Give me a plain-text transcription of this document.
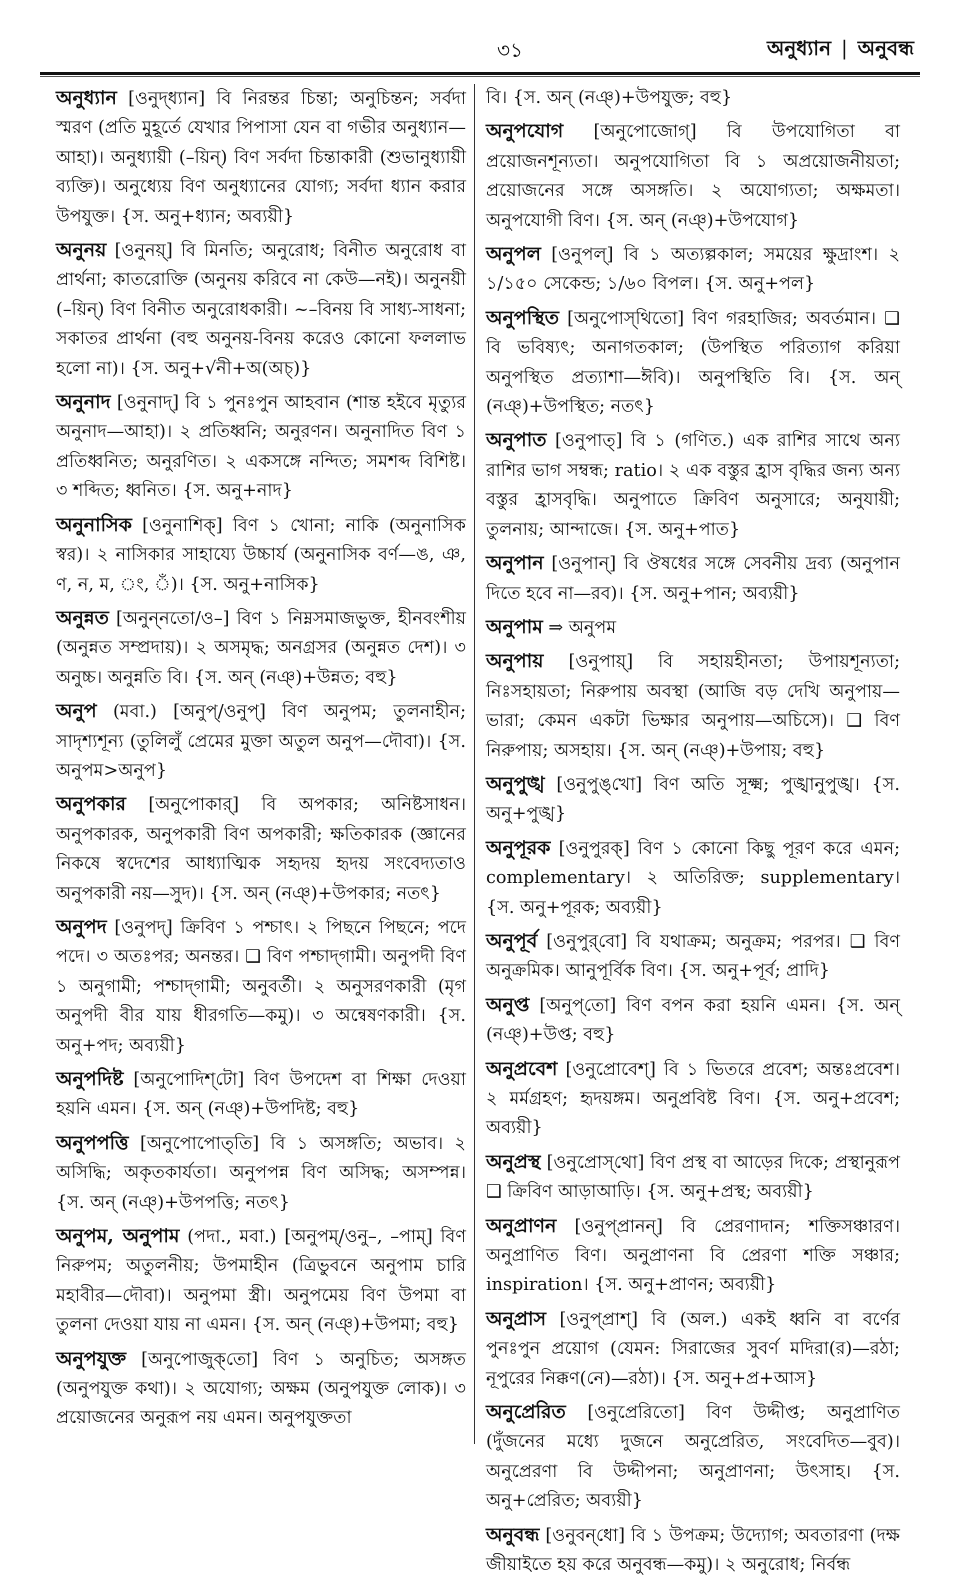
৩১	অনুধ্যান | অনুবন্ধ
অনুধ্যান [ওনুদ্‌ধ্যান] বি নিরন্তর চিন্তা; অনুচিন্তন; সর্বদা স্মরণ (প্রতি মুহূর্তে যেখার পিপাসা যেন বা গভীর অনুধ্যান—আহা)। অনুধ্যায়ী (–য়িন্‌) বিণ সর্বদা চিন্তাকারী (শুভানুধ্যায়ী ব্যক্তি)। অনুধ্যেয় বিণ অনুধ্যানের যোগ্য; সর্বদা ধ্যান করার উপযুক্ত। {স. অনু+ধ্যান; অব্যয়ী}
অনুনয় [ওনুনয়্‌] বি মিনতি; অনুরোধ; বিনীত অনুরোধ বা প্রার্থনা; কাতরোক্তি (অনুনয় করিবে না কেউ—নই)। অনুনয়ী (–য়িন্‌) বিণ বিনীত অনুরোধকারী। ~–বিনয় বি সাধ্য-সাধনা; সকাতর প্রার্থনা (বহু অনুনয়-বিনয় করেও কোনো ফললাভ হলো না)। {স. অনু+√নী+অ(অচ্‌)}
অনুনাদ [ওনুনাদ্‌] বি ১ পুনঃপুন আহবান (শান্ত হইবে মৃত্যুর অনুনাদ—আহা)। ২ প্রতিধ্বনি; অনুরণন। অনুনাদিত বিণ ১ প্রতিধ্বনিত; অনুরণিত। ২ একসঙ্গে নন্দিত; সমশব্দ বিশিষ্ট। ৩ শব্দিত; ধ্বনিত। {স. অনু+নাদ}
অনুনাসিক [ওনুনাশিক্‌] বিণ ১ খোনা; নাকি (অনুনাসিক স্বর)। ২ নাসিকার সাহায্যে উচ্চার্য (অনুনাসিক বর্ণ—ঙ, ঞ, ণ, ন, ম, ং, ঁ)। {স. অনু+নাসিক}
অনুন্নত [অনুন্‌নতো/ও–] বিণ ১ নিম্নসমাজভুক্ত, হীনবংশীয় (অনুন্নত সম্প্রদায়)। ২ অসমৃদ্ধ; অনগ্রসর (অনুন্নত দেশ)। ৩ অনুচ্চ। অনুন্নতি বি। {স. অন্ (নঞ্‌)+উন্নত; বহু}
অনুপ (মবা.) [অনুপ্‌/ওনুপ্‌] বিণ অনুপম; তুলনাহীন; সাদৃশ্যশূন্য (তুলিলুঁ প্রেমের মুক্তা অতুল অনুপ—দৌবা)। {স. অনুপম>অনুপ}
অনুপকার [অনুপোকার্‌] বি অপকার; অনিষ্টসাধন। অনুপকারক, অনুপকারী বিণ অপকারী; ক্ষতিকারক (জ্ঞানের নিকষে স্বদেশের আধ্যাত্মিক সহৃদয় হৃদয় সংবেদ্যতাও অনুপকারী নয়—সুদ)। {স. অন্ (নঞ্‌)+উপকার; নতৎ}
অনুপদ [ওনুপদ্‌] ক্রিবিণ ১ পশ্চাৎ। ২ পিছনে পিছনে; পদে পদে। ৩ অতঃপর; অনন্তর। ❑ বিণ পশ্চাদ্‌গামী। অনুপদী বিণ ১ অনুগামী; পশ্চাদ্‌গামী; অনুবর্তী। ২ অনুসরণকারী (মৃগ অনুপদী বীর যায় ধীরগতি—কমু)। ৩ অন্বেষণকারী। {স. অনু+পদ; অব্যয়ী}
অনুপদিষ্ট [অনুপোদিশ্‌টো] বিণ উপদেশ বা শিক্ষা দেওয়া হয়নি এমন। {স. অন্ (নঞ্‌)+উপদিষ্ট; বহু}
অনুপপত্তি [অনুপোপোত্‌তি] বি ১ অসঙ্গতি; অভাব। ২ অসিদ্ধি; অকৃতকার্যতা। অনুপপন্ন বিণ অসিদ্ধ; অসম্পন্ন। {স. অন্ (নঞ্‌)+উপপত্তি; নতৎ}
অনুপম, অনুপাম (পদা., মবা.) [অনুপম্‌/ওনু–, –পাম্‌] বিণ নিরুপম; অতুলনীয়; উপমাহীন (ত্রিভুবনে অনুপাম চারি মহাবীর—দৌবা)। অনুপমা স্ত্রী। অনুপমেয় বিণ উপমা বা তুলনা দেওয়া যায় না এমন। {স. অন্ (নঞ্‌)+উপমা; বহু}
অনুপযুক্ত [অনুপোজুক্‌তো] বিণ ১ অনুচিত; অসঙ্গত (অনুপযুক্ত কথা)। ২ অযোগ্য; অক্ষম (অনুপযুক্ত লোক)। ৩ প্রয়োজনের অনুরূপ নয় এমন। অনুপযুক্ততা
বি। {স. অন্ (নঞ্‌)+উপযুক্ত; বহু}
অনুপযোগ [অনুপোজোগ্‌] বি উপযোগিতা বা প্রয়োজনশূন্যতা। অনুপযোগিতা বি ১ অপ্রয়োজনীয়তা; প্রয়োজনের সঙ্গে অসঙ্গতি। ২ অযোগ্যতা; অক্ষমতা। অনুপযোগী বিণ। {স. অন্ (নঞ্‌)+উপযোগ}
অনুপল [ওনুপল্‌] বি ১ অত্যল্পকাল; সময়ের ক্ষুদ্রাংশ। ২ ১/১৫০ সেকেন্ড; ১/৬০ বিপল। {স. অনু+পল}
অনুপস্থিত [অনুপোস্‌থিতো] বিণ গরহাজির; অবর্তমান। ❑ বি ভবিষ্যৎ; অনাগতকাল; (উপস্থিত পরিত্যাগ করিয়া অনুপস্থিত প্রত্যাশা—ঈবি)। অনুপস্থিতি বি। {স. অন্ (নঞ্‌)+উপস্থিত; নতৎ}
অনুপাত [ওনুপাত্‌] বি ১ (গণিত.) এক রাশির সাথে অন্য রাশির ভাগ সম্বন্ধ; ratio। ২ এক বস্তুর হ্রাস বৃদ্ধির জন্য অন্য বস্তুর হ্রাসবৃদ্ধি। অনুপাতে ক্রিবিণ অনুসারে; অনুযায়ী; তুলনায়; আন্দাজে। {স. অনু+পাত}
অনুপান [ওনুপান্‌] বি ঔষধের সঙ্গে সেবনীয় দ্রব্য (অনুপান দিতে হবে না—রব)। {স. অনু+পান; অব্যয়ী}
অনুপাম ⇒ অনুপম
অনুপায় [ওনুপায়্‌] বি সহায়হীনতা; উপায়শূন্যতা; নিঃসহায়তা; নিরুপায় অবস্থা (আজি বড় দেখি অনুপায়—ভারা; কেমন একটা ভিক্ষার অনুপায়—অচিসে)। ❑ বিণ নিরুপায়; অসহায়। {স. অন্ (নঞ্‌)+উপায়; বহু}
অনুপুঙ্খ [ওনুপুঙ্‌খো] বিণ অতি সূক্ষ্ম; পুঙ্খানুপুঙ্খ। {স. অনু+পুঙ্খ}
অনুপূরক [ওনুপুরক্‌] বিণ ১ কোনো কিছু পূরণ করে এমন; complementary। ২ অতিরিক্ত; supplementary। {স. অনু+পূরক; অব্যয়ী}
অনুপূর্ব [ওনুপুর্‌বো] বি যথাক্রম; অনুক্রম; পরপর। ❑ বিণ অনুক্রমিক। আনুপূর্বিক বিণ। {স. অনু+পূর্ব; প্রাদি}
অনুপ্ত [অনুপ্‌তো] বিণ বপন করা হয়নি এমন। {স. অন্ (নঞ্‌)+উপ্ত; বহু}
অনুপ্রবেশ [ওনুপ্রোবেশ্‌] বি ১ ভিতরে প্রবেশ; অন্তঃপ্রবেশ। ২ মর্মগ্রহণ; হৃদয়ঙ্গম। অনুপ্রবিষ্ট বিণ। {স. অনু+প্রবেশ; অব্যয়ী}
অনুপ্রস্থ [ওনুপ্রোস্‌থো] বিণ প্রস্থ বা আড়ের দিকে; প্রস্থানুরূপ ❑ ক্রিবিণ আড়াআড়ি। {স. অনু+প্রস্থ; অব্যয়ী}
অনুপ্রাণন [ওনুপ্‌প্রানন্‌] বি প্রেরণাদান; শক্তিসঞ্চারণ। অনুপ্রাণিত বিণ। অনুপ্রাণনা বি প্রেরণা শক্তি সঞ্চার; inspiration। {স. অনু+প্রাণন; অব্যয়ী}
অনুপ্রাস [ওনুপ্‌প্রাশ্‌] বি (অল.) একই ধ্বনি বা বর্ণের পুনঃপুন প্রয়োগ (যেমন: সিরাজের সুবর্ণ মদিরা(র)—রঠা; নূপুরের নিক্কণ(নে)—রঠা)। {স. অনু+প্র+আস}
অনুপ্রেরিত [ওনুপ্রেরিতো] বিণ উদ্দীপ্ত; অনুপ্রাণিত (দুঁজনের মধ্যে দুজনে অনুপ্রেরিত, সংবেদিত—বুব)। অনুপ্রেরণা বি উদ্দীপনা; অনুপ্রাণনা; উৎসাহ। {স. অনু+প্রেরিত; অব্যয়ী}
অনুবন্ধ [ওনুবন্‌ধো] বি ১ উপক্রম; উদ্যোগ; অবতারণা (দক্ষ জীয়াইতে হয় করে অনুবন্ধ—কমু)। ২ অনুরোধ; নির্বন্ধ
